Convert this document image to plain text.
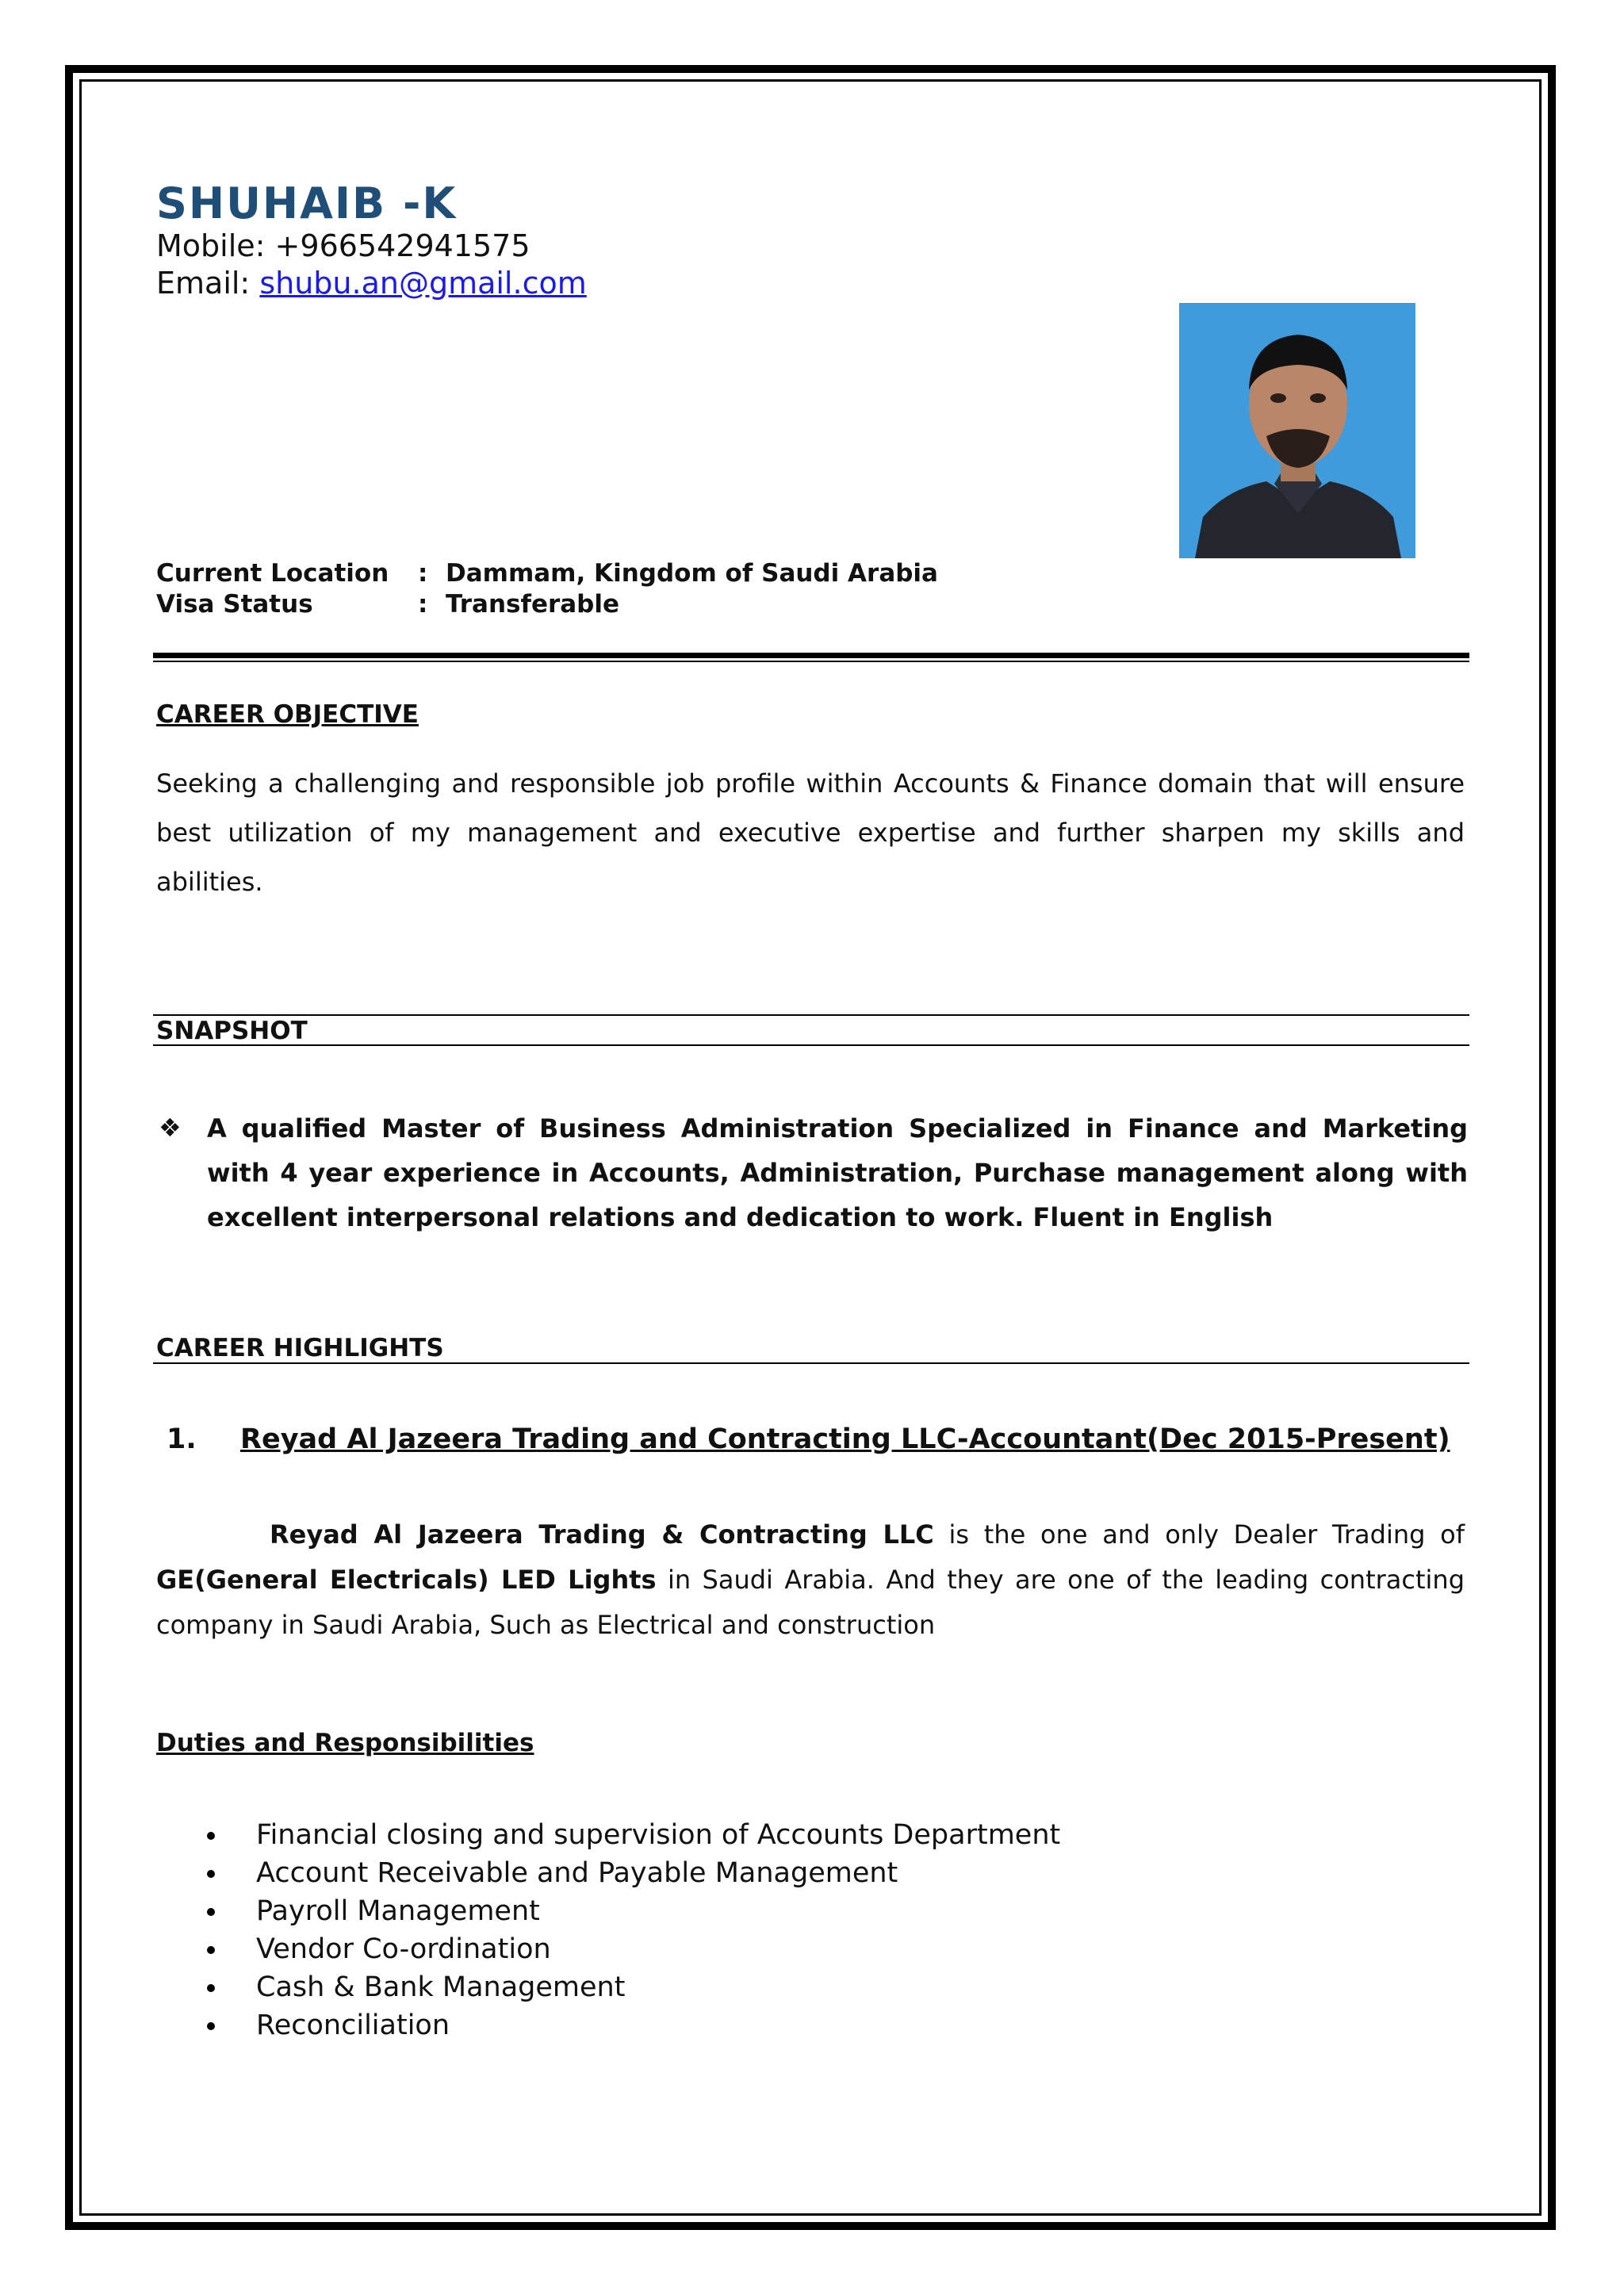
SHUHAIB -K
Mobile: +966542941575
Email: shubu.an@gmail.com
Current Location : Dammam, Kingdom of Saudi Arabia
Visa Status	: Transferable
CAREER OBJECTIVE
Seeking a challenging and responsible job profile within Accounts & Finance domain that will ensure best utilization of my management and executive expertise and further sharpen my skills and abilities.
SNAPSHOT
❖ A qualified Master of Business Administration Specialized in Finance and Marketing with 4 year experience in Accounts, Administration, Purchase management along with excellent interpersonal relations and dedication to work. Fluent in English
CAREER HIGHLIGHTS
1. Reyad Al Jazeera Trading and Contracting LLC-Accountant(Dec 2015-Present)
Reyad Al Jazeera Trading & Contracting LLC is the one and only Dealer Trading of GE(General Electricals) LED Lights in Saudi Arabia. And they are one of the leading contracting company in Saudi Arabia, Such as Electrical and construction
Duties and Responsibilities
Financial closing and supervision of Accounts Department
Account Receivable and Payable Management
Payroll Management
Vendor Co-ordination
Cash & Bank Management
Reconciliation
